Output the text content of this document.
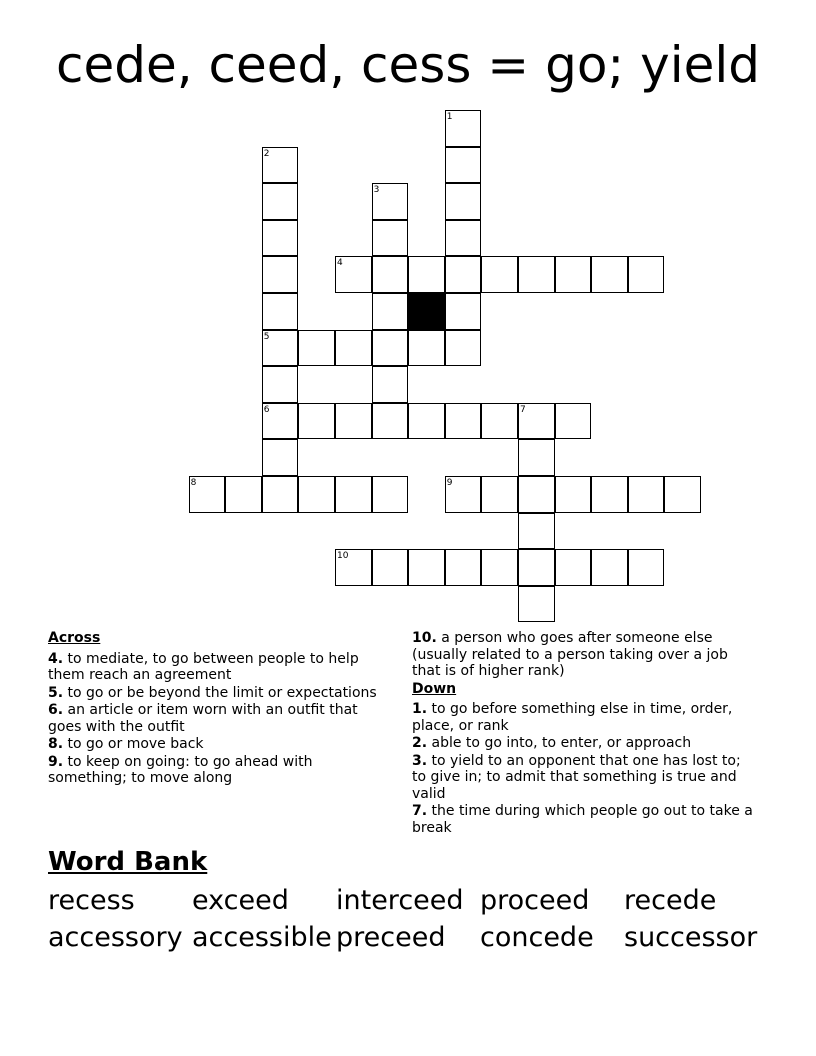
cede, ceed, cess = go; yield
1
2
5
6
3
4
7
8	9
10
Across
4. to mediate, to go between people to help them reach an agreement
5. to go or be beyond the limit or expectations
6. an article or item worn with an outfit that goes with the outfit
8. to go or move back
9. to keep on going: to go ahead with something; to move along
10. a person who goes after someone else (usually related to a person taking over a job that is of higher rank)
Down
1. to go before something else in time, order, place, or rank
2. able to go into, to enter, or approach
3. to yield to an opponent that one has lost to; to give in; to admit that something is true and valid
7. the time during which people go out to take a break
Word Bank
recess exceed interceed proceed recede
accessory accessible preceed concede successor
